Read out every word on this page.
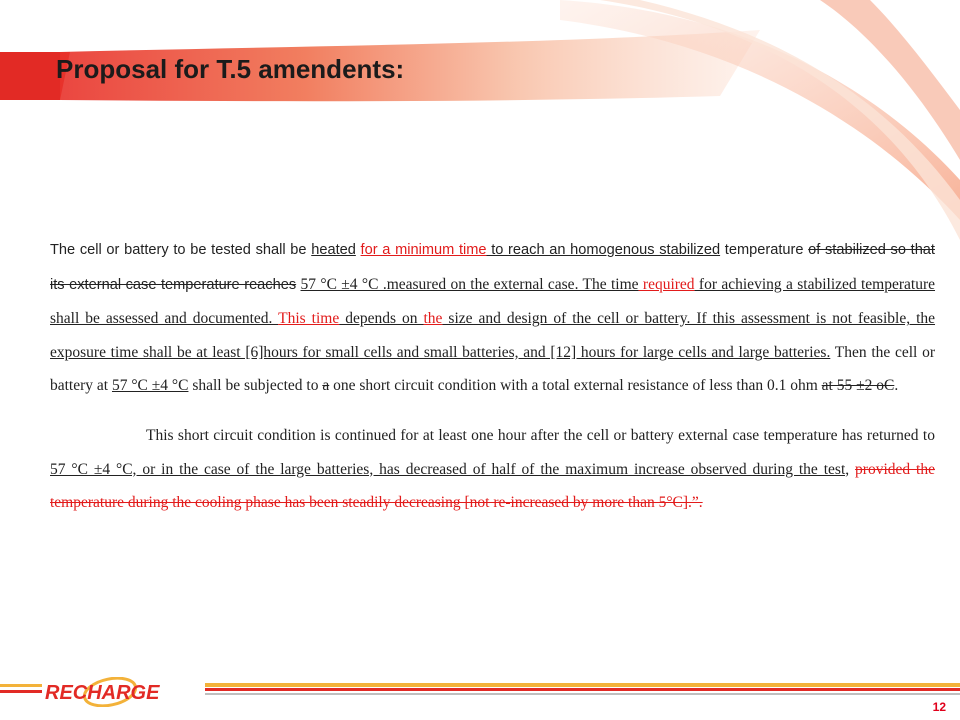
Proposal for T.5 amendents:

The cell or battery to be tested shall be heated for a minimum time to reach an homogenous stabilized temperature of stabilized so that its external case temperature reaches 57 °C ±4 °C .measured on the external case. The time required for achieving a stabilized temperature shall be assessed and documented. This time depends on the size and design of the cell or battery. If this assessment is not feasible, the exposure time shall be at least [6]hours for small cells and small batteries, and [12] hours for large cells and large batteries. Then the cell or battery at 57 °C ±4 °C shall be subjected to a one short circuit condition with a total external resistance of less than 0.1 ohm at 55 ±2 oC.

This short circuit condition is continued for at least one hour after the cell or battery external case temperature has returned to 57 °C ±4 °C, or in the case of the large batteries, has decreased of half of the maximum increase observed during the test, provided the temperature during the cooling phase has been steadily decreasing [not re-increased by more than 5°C].”.

RECHARGE
12
